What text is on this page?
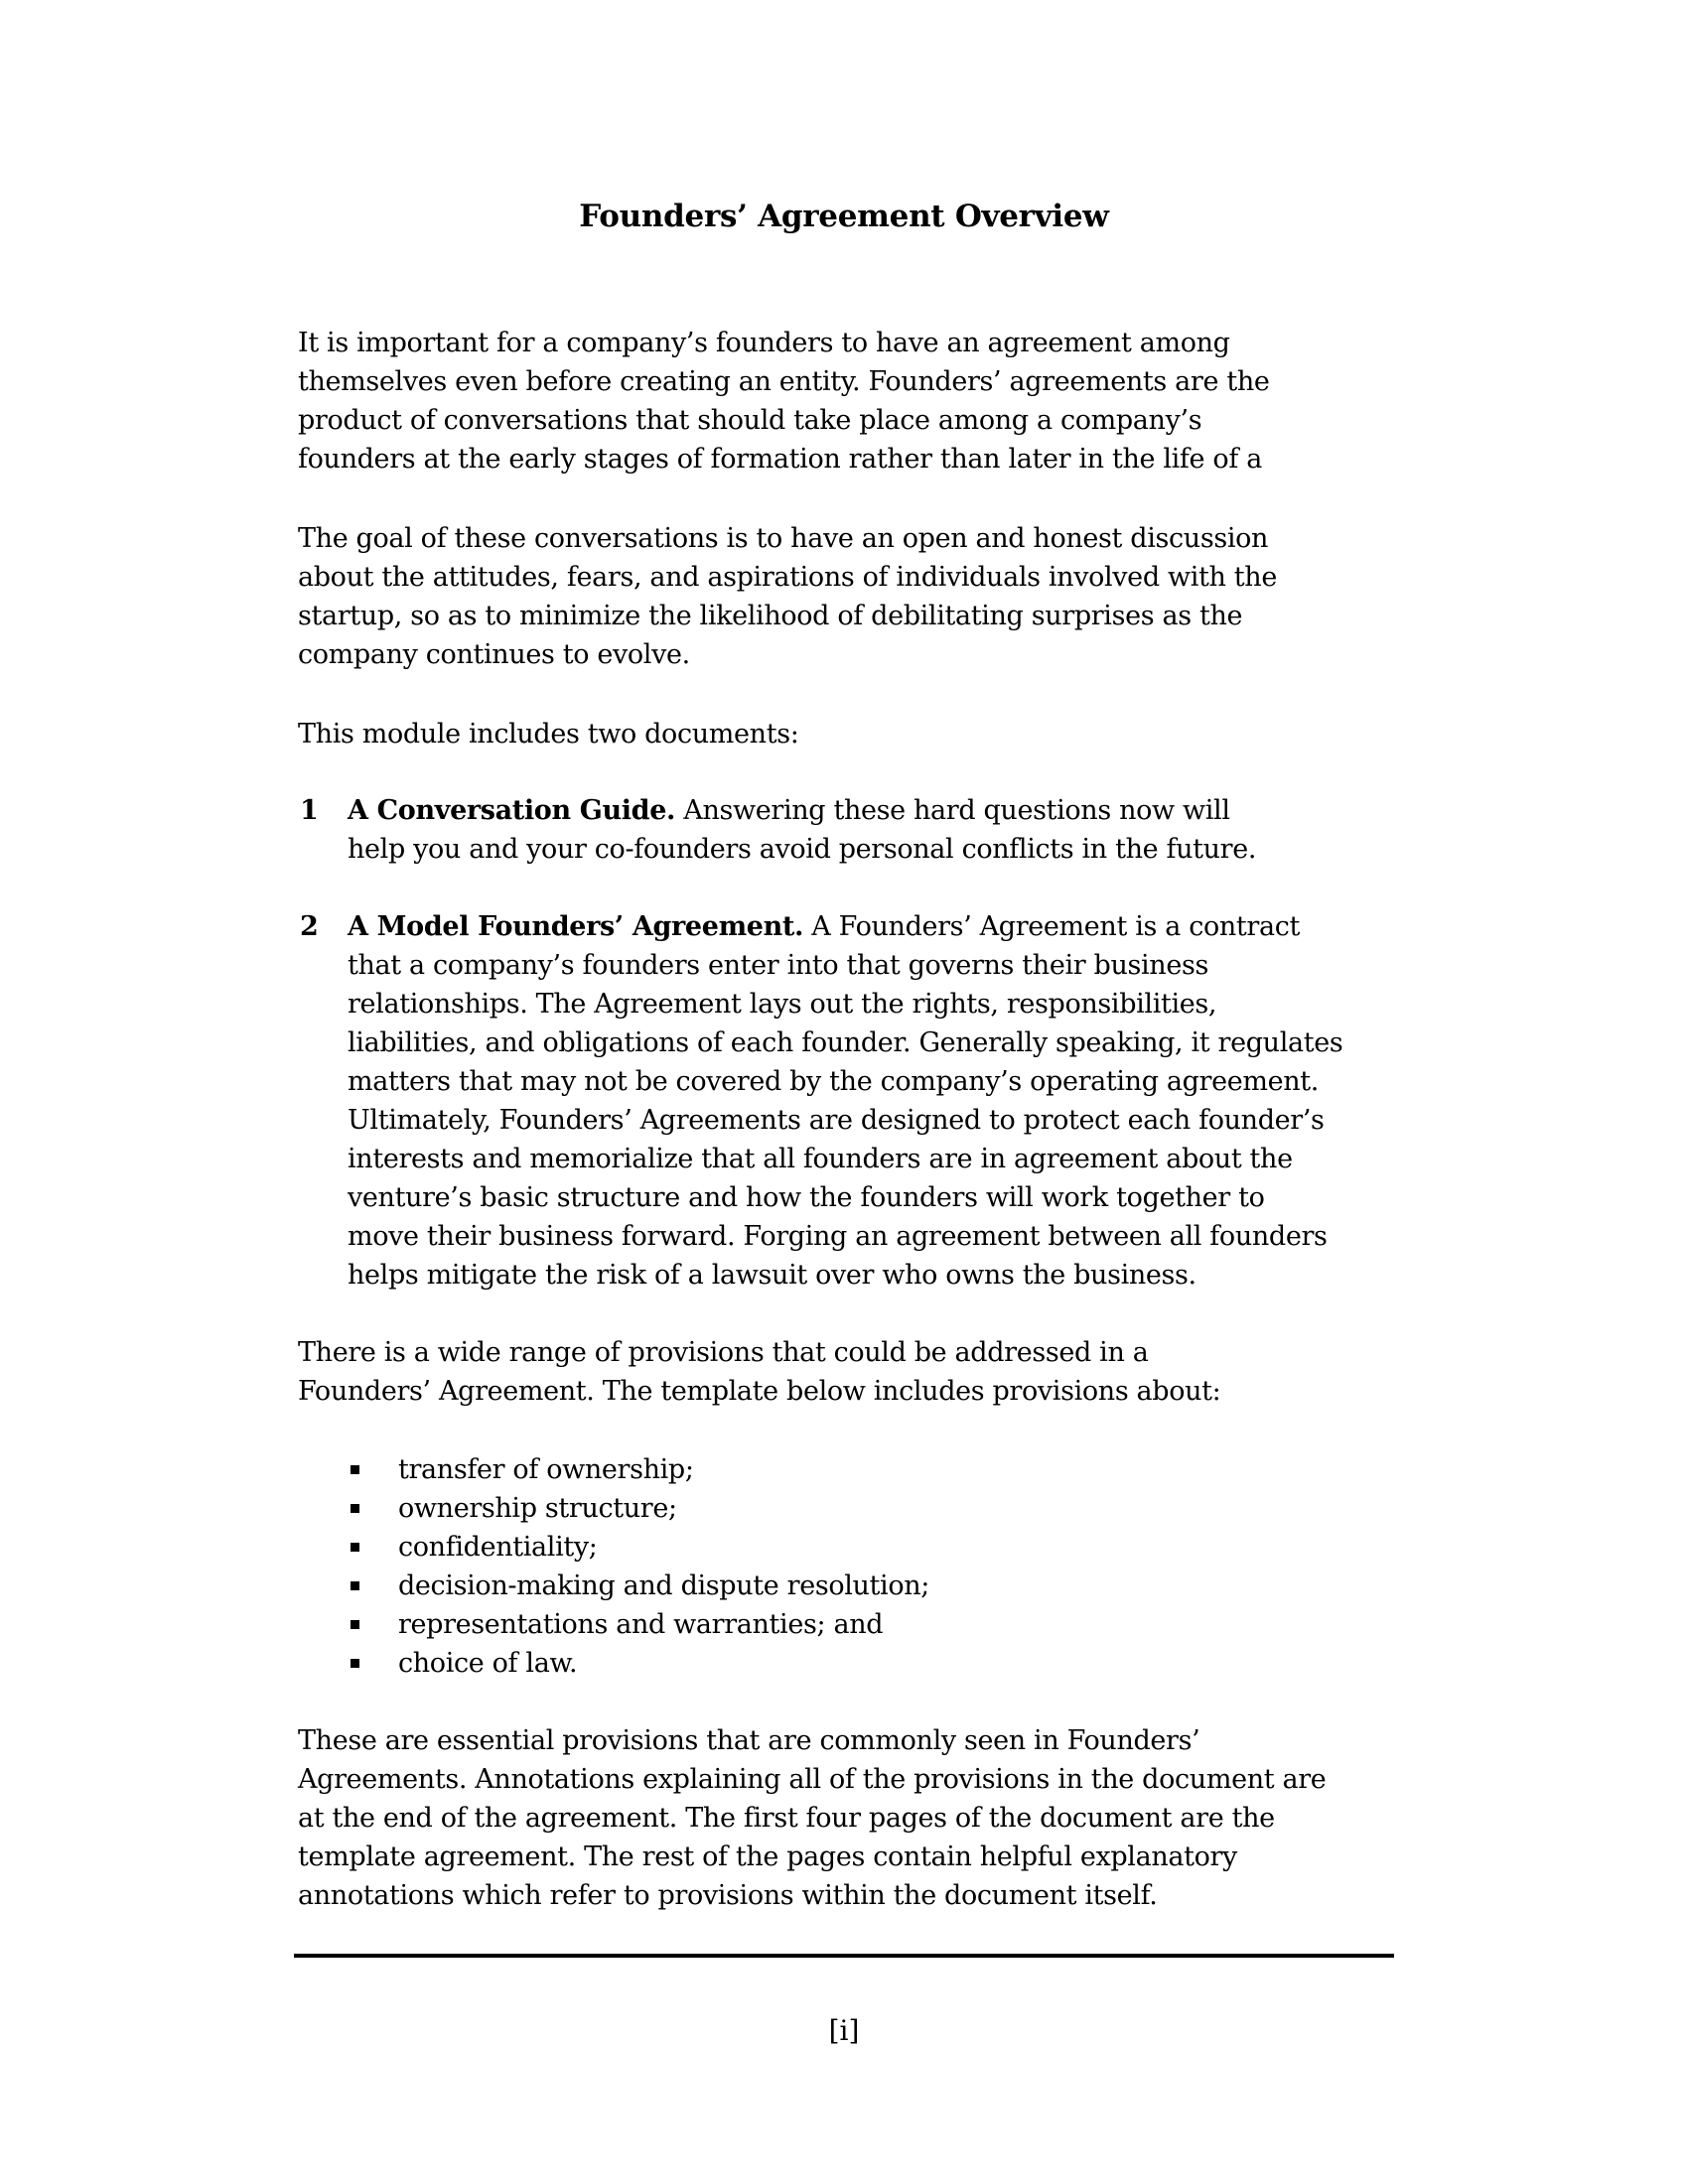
Founders’ Agreement Overview
It is important for a company’s founders to have an agreement among
themselves even before creating an entity. Founders’ agreements are the
product of conversations that should take place among a company’s
founders at the early stages of formation rather than later in the life of a
The goal of these conversations is to have an open and honest discussion
about the attitudes, fears, and aspirations of individuals involved with the
startup, so as to minimize the likelihood of debilitating surprises as the
company continues to evolve.
This module includes two documents:
1 A Conversation Guide. Answering these hard questions now will
help you and your co-founders avoid personal conflicts in the future.
2 A Model Founders’ Agreement. A Founders’ Agreement is a contract
that a company’s founders enter into that governs their business
relationships. The Agreement lays out the rights, responsibilities,
liabilities, and obligations of each founder. Generally speaking, it regulates
matters that may not be covered by the company’s operating agreement.
Ultimately, Founders’ Agreements are designed to protect each founder’s
interests and memorialize that all founders are in agreement about the
venture’s basic structure and how the founders will work together to
move their business forward. Forging an agreement between all founders
helps mitigate the risk of a lawsuit over who owns the business.
There is a wide range of provisions that could be addressed in a
Founders’ Agreement. The template below includes provisions about:
transfer of ownership;
ownership structure;
confidentiality;
decision-making and dispute resolution;
representations and warranties; and
choice of law.
These are essential provisions that are commonly seen in Founders’
Agreements. Annotations explaining all of the provisions in the document are
at the end of the agreement. The first four pages of the document are the
template agreement. The rest of the pages contain helpful explanatory
annotations which refer to provisions within the document itself.
[i]
